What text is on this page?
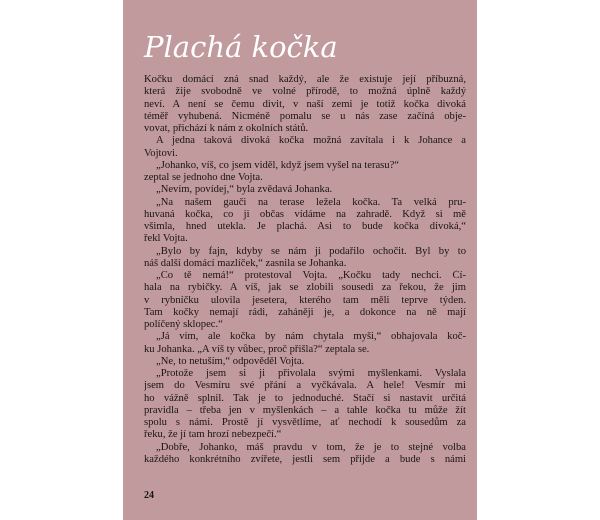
Plachá kočka
Kočku domácí zná snad každý, ale že existuje její příbuzná,
která žije svobodně ve volné přírodě, to možná úplně každý
neví. A není se čemu divit, v naší zemi je totiž kočka divoká
téměř vyhubená. Nicméně pomalu se u nás zase začíná obje-
vovat, přichází k nám z okolních států.
A jedna taková divoká kočka možná zavítala i k Johance a
Vojtovi.
„Johanko, víš, co jsem viděl, když jsem vyšel na terasu?“
zeptal se jednoho dne Vojta.
„Nevím, povídej,“ byla zvědavá Johanka.
„Na našem gauči na terase ležela kočka. Ta velká pru-
huvaná kočka, co ji občas vídáme na zahradě. Když si mě
všimla, hned utekla. Je plachá. Asi to bude kočka divoká,“
řekl Vojta.
„Bylo by fajn, kdyby se nám ji podařilo ochočit. Byl by to
náš další domácí mazlíček,“ zasnila se Johanka.
„Co tě nemá!“ protestoval Vojta. „Kočku tady nechci. Čí-
hala na rybičky. A víš, jak se zlobili sousedi za řekou, že jim
v rybníčku ulovila jesetera, kterého tam měli teprve týden.
Tam kočky nemají rádi, zaháněji je, a dokonce na ně mají
políčený sklopec.“
„Já vím, ale kočka by nám chytala myši,“ obhajovala koč-
ku Johanka. „A víš ty vůbec, proč přišla?“ zeptala se.
„Ne, to netuším,“ odpověděl Vojta.
„Protože jsem si ji přivolala svými myšlenkami. Vyslala
jsem do Vesmíru své přání a vyčkávala. A hele! Vesmír mi
ho vážně splnil. Tak je to jednoduché. Stačí si nastavit určitá
pravidla – třeba jen v myšlenkách – a tahle kočka tu může žít
spolu s námi. Prostě jí vysvětlíme, ať nechodí k sousedům za
řeku, že jí tam hrozí nebezpečí.“
„Dobře, Johanko, máš pravdu v tom, že je to stejné volba
každého konkrétního zvířete, jestli sem přijde a bude s námi
24
